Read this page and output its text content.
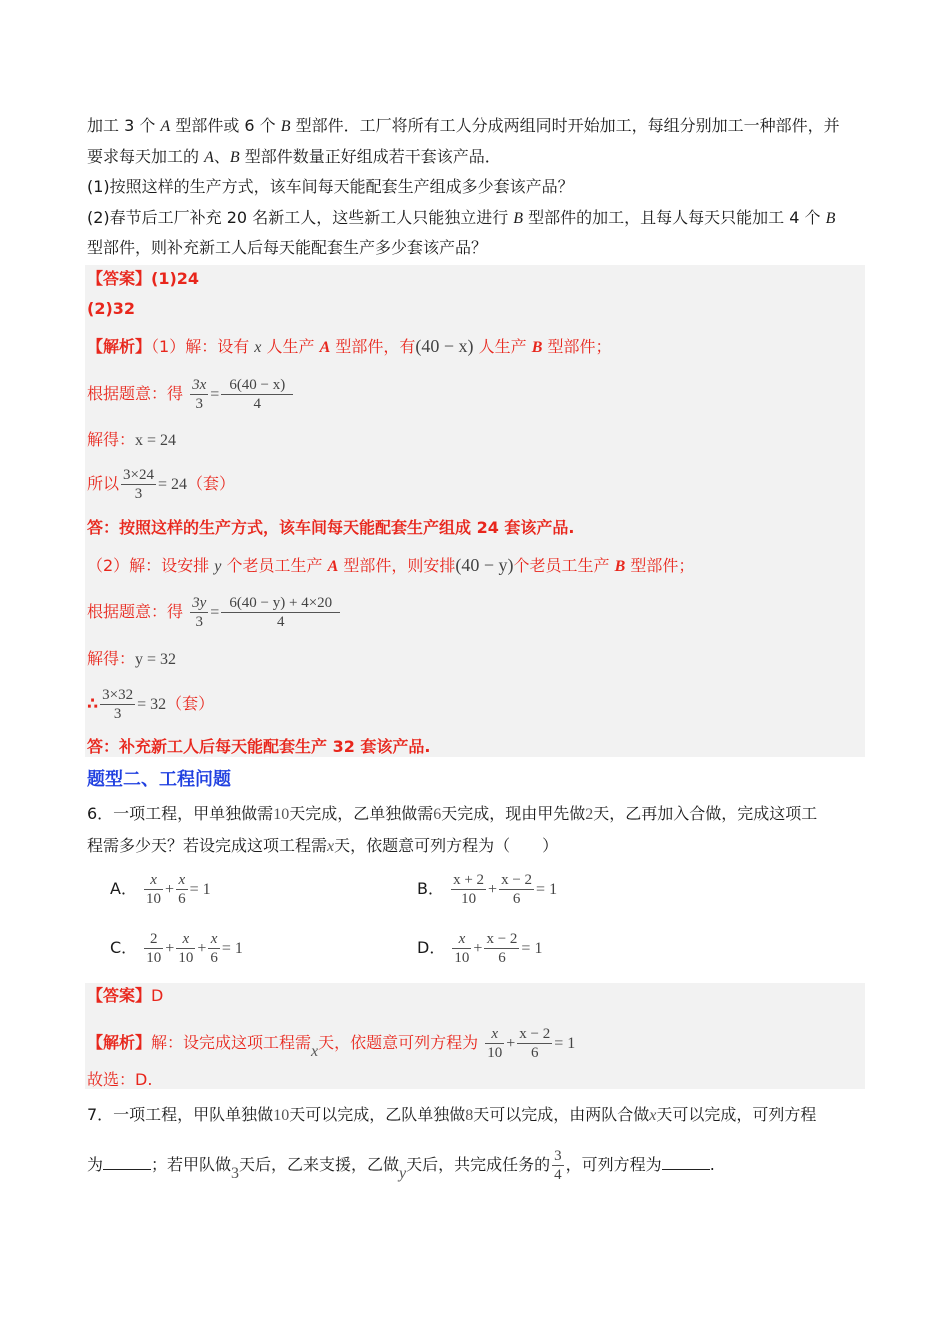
加工 3 个 A 型部件或 6 个 B 型部件．工厂将所有工人分成两组同时开始加工，每组分别加工一种部件，并
要求每天加工的 A、B 型部件数量正好组成若干套该产品．
(1)按照这样的生产方式，该车间每天能配套生产组成多少套该产品？
(2)春节后工厂补充 20 名新工人，这些新工人只能独立进行 B 型部件的加工，且每人每天只能加工 4 个 B
型部件，则补充新工人后每天能配套生产多少套该产品？
【答案】(1)24
(2)32
【解析】（1）解：设有 x 人生产 A 型部件，有(40 − x) 人生产 B 型部件；
根据题意：得 $\frac{3x}{3} = \frac{6(40 - x)}{4}$
解得：x = 24
所以 $\frac{3\times 24}{3} = 24$（套）
答：按照这样的生产方式，该车间每天能配套生产组成 24 套该产品.
（2）解：设安排 y 个老员工生产 A 型部件，则安排(40 − y)个老员工生产 B 型部件；
根据题意：得 $\frac{3y}{3} = \frac{6(40 - y) + 4\times 20}{4}$
解得：y = 32
∴ $\frac{3\times 32}{3} = 32$（套）
答：补充新工人后每天能配套生产 32 套该产品.
题型二、工程问题
6．一项工程，甲单独做需10天完成，乙单独做需6天完成，现由甲先做2天，乙再加入合做，完成这项工
程需多少天？若设完成这项工程需x天，依题意可列方程为（　　）
A． $\frac{x}{10} + \frac{x}{6} = 1$	B． $\frac{x + 2}{10} + \frac{x - 2}{6} = 1$
C． $\frac{2}{10} + \frac{x}{10} + \frac{x}{6} = 1$	D． $\frac{x}{10} + \frac{x - 2}{6} = 1$
【答案】D
【解析】解：设完成这项工程需x天，依题意可列方程为 $\frac{x}{10} + \frac{x - 2}{6} = 1$
故选：D.
7．一项工程，甲队单独做10天可以完成，乙队单独做8天可以完成，由两队合做x天可以完成，可列方程
为	；若甲队做3天后，乙来支援，乙做y天后，共完成任务的 $\frac{3}{4}$ ，可列方程为	.
